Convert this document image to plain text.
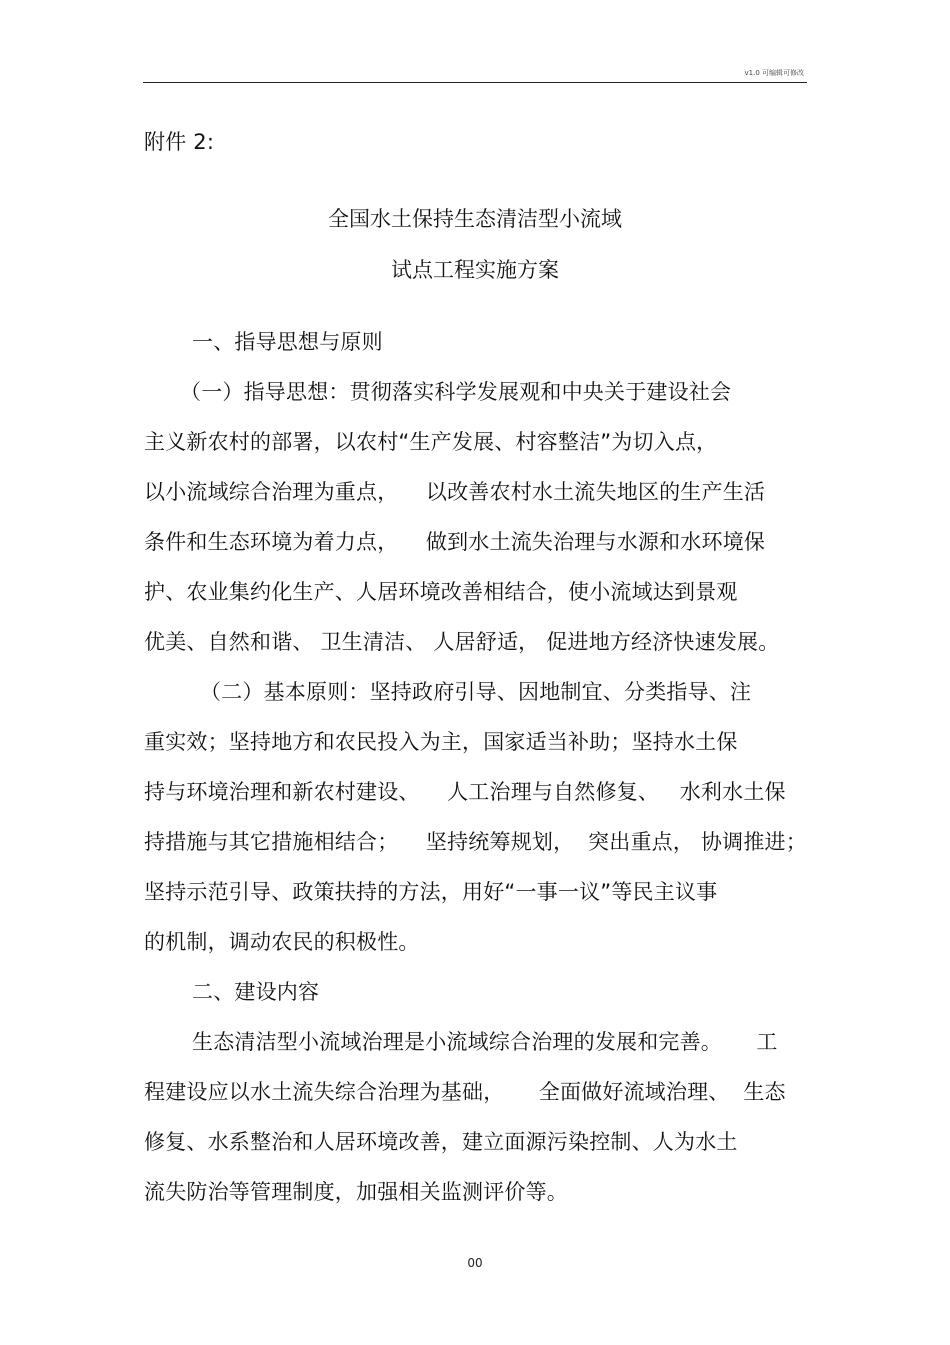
v1.0 可编辑可修改
附件 2:
全国水土保持生态清洁型小流域
试点工程实施方案
一、指导思想与原则
（一）指导思想：贯彻落实科学发展观和中央关于建设社会
主义新农村的部署，以农村“生产发展、村容整洁”为切入点，
以小流域综合治理为重点，    以改善农村水土流失地区的生产生活
条件和生态环境为着力点，    做到水土流失治理与水源和水环境保
护、农业集约化生产、人居环境改善相结合，使小流域达到景观
优美、自然和谐、 卫生清洁、 人居舒适， 促进地方经济快速发展。
（二）基本原则：坚持政府引导、因地制宜、分类指导、注
重实效；坚持地方和农民投入为主，国家适当补助；坚持水土保
持与环境治理和新农村建设、    人工治理与自然修复、   水利水土保
持措施与其它措施相结合；    坚持统筹规划，  突出重点， 协调推进；
坚持示范引导、政策扶持的方法，用好“一事一议”等民主议事
的机制，调动农民的积极性。
二、建设内容
生态清洁型小流域治理是小流域综合治理的发展和完善。     工
程建设应以水土流失综合治理为基础，     全面做好流域治理、  生态
修复、水系整治和人居环境改善，建立面源污染控制、人为水土
流失防治等管理制度，加强相关监测评价等。
00
